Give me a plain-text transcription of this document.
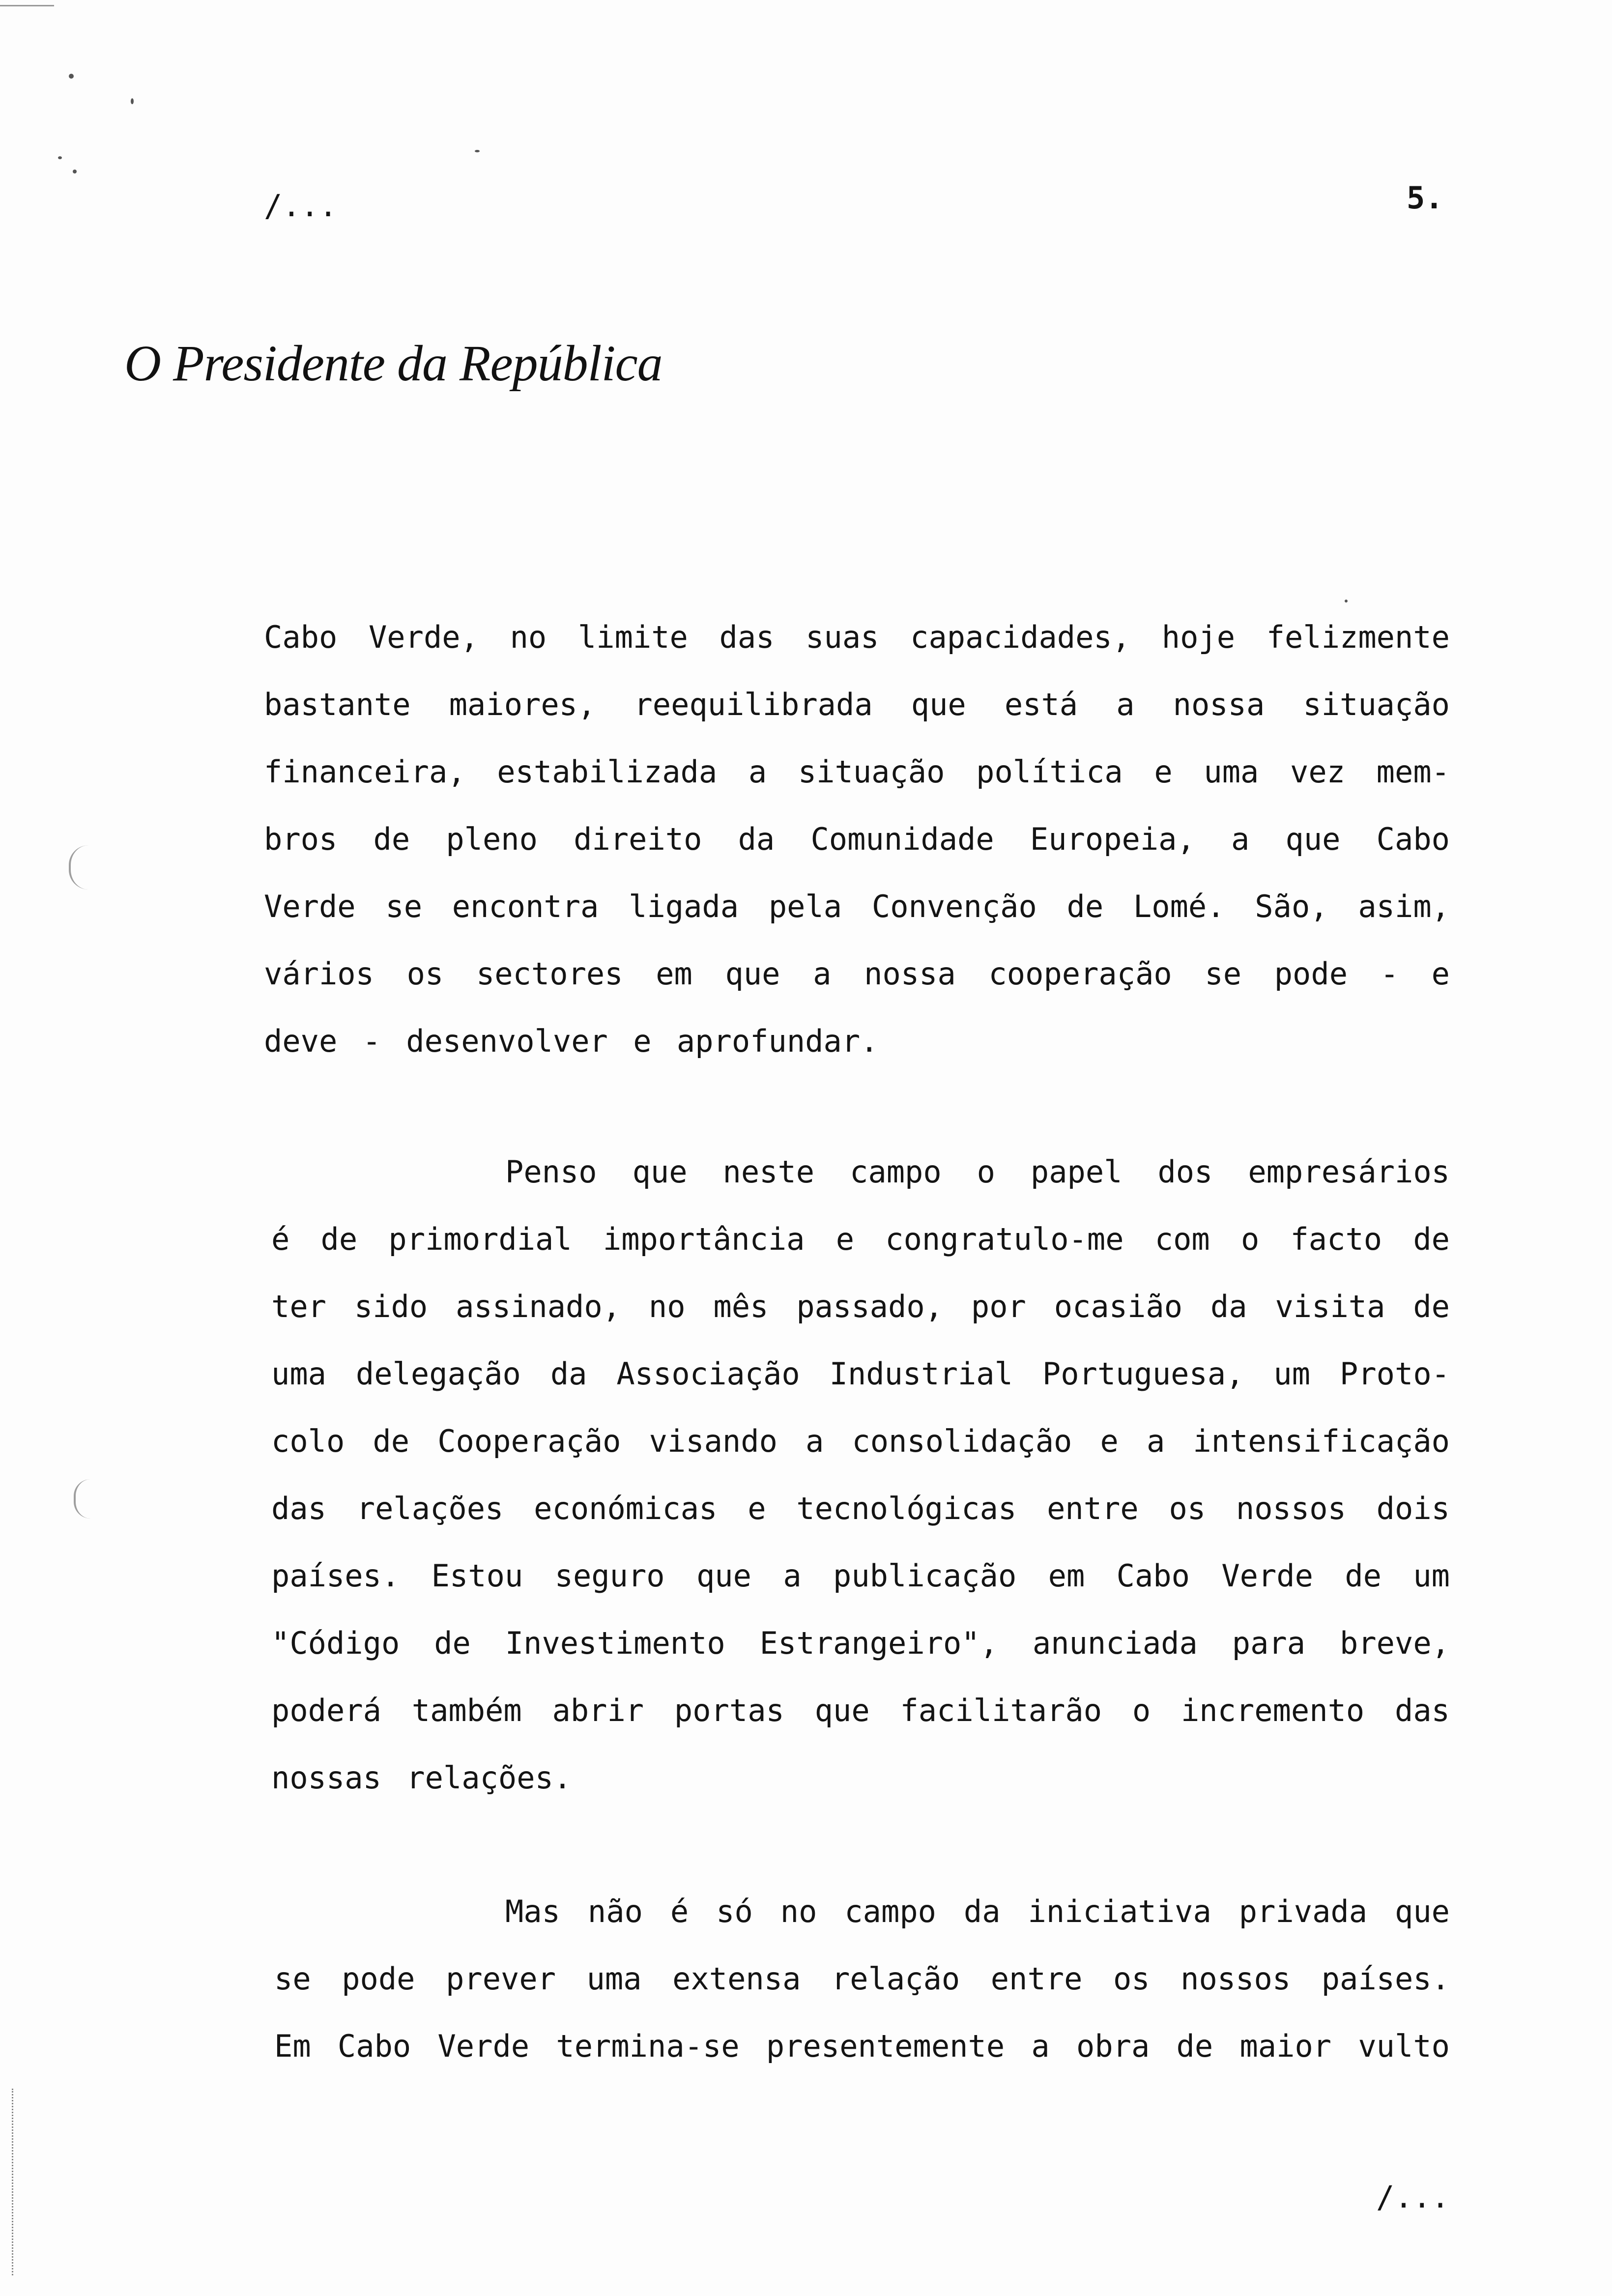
/...	5.
O Presidente da República
Cabo Verde, no limite das suas capacidades, hoje felizmente
bastante maiores, reequilibrada que está a nossa situação
financeira, estabilizada a situação política e uma vez mem-
bros de pleno direito da Comunidade Europeia, a que Cabo
Verde se encontra ligada pela Convenção de Lomé. São, asim,
vários os sectores em que a nossa cooperação se pode - e
deve - desenvolver e aprofundar.
Penso que neste campo o papel dos empresários
é de primordial importância e congratulo-me com o facto de
ter sido assinado, no mês passado, por ocasião da visita de
uma delegação da Associação Industrial Portuguesa, um Proto-
colo de Cooperação visando a consolidação e a intensificação
das relações económicas e tecnológicas entre os nossos dois
países. Estou seguro que a publicação em Cabo Verde de um
"Código de Investimento Estrangeiro", anunciada para breve,
poderá também abrir portas que facilitarão o incremento das
nossas relações.
Mas não é só no campo da iniciativa privada que
se pode prever uma extensa relação entre os nossos países.
Em Cabo Verde termina-se presentemente a obra de maior vulto
/...
